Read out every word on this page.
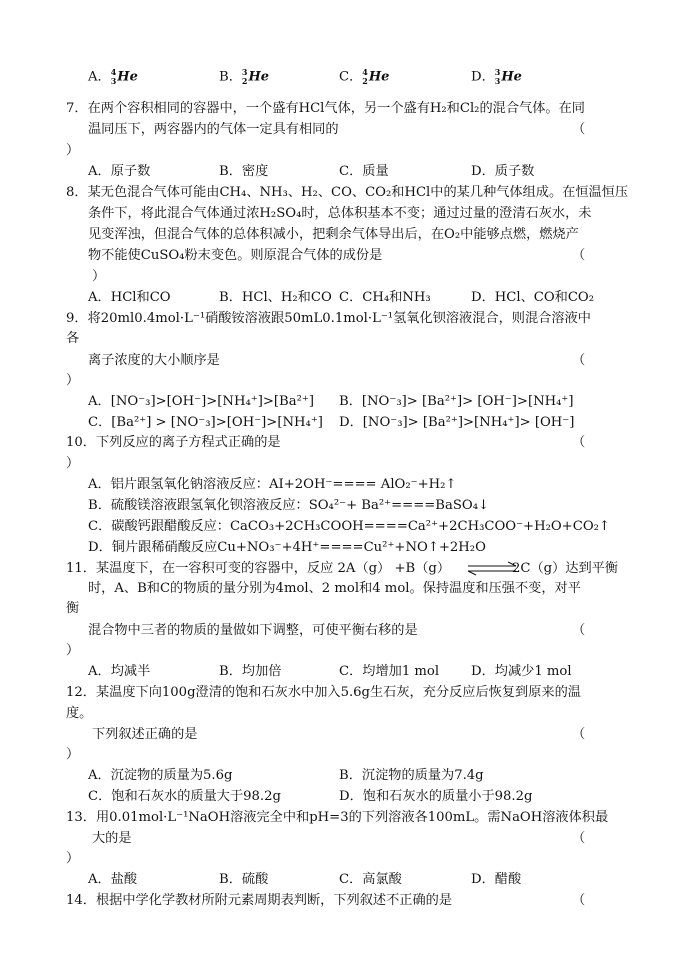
A． 4
3 He	B． 3
2 He	C． 4
2 He	D． 3
3 He
7．在两个容积相同的容器中，一个盛有HCl气体，另一个盛有H₂和Cl₂的混合气体。在同
温同压下，两容器内的气体一定具有相同的	（
）
A．原子数	B．密度	C．质量	D．质子数
8．某无色混合气体可能由CH₄、NH₃、H₂、CO、CO₂和HCl中的某几种气体组成。在恒温恒压
条件下，将此混合气体通过浓H₂SO₄时，总体积基本不变；通过过量的澄清石灰水，未
见变浑浊，但混合气体的总体积减小，把剩余气体导出后，在O₂中能够点燃，燃烧产
物不能使CuSO₄粉末变色。则原混合气体的成份是	（
）
A．HCl和CO	B．HCl、H₂和CO C．CH₄和NH₃	D．HCl、CO和CO₂
9．将20ml0.4mol·L⁻¹硝酸铵溶液跟50mL0.1mol·L⁻¹氢氧化钡溶液混合，则混合溶液中
各
离子浓度的大小顺序是	（
）
A．[NO⁻₃]>[OH⁻]>[NH₄⁺]>[Ba²⁺] B．[NO⁻₃]> [Ba²⁺]> [OH⁻]>[NH₄⁺]
C．[Ba²⁺] > [NO⁻₃]>[OH⁻]>[NH₄⁺] D．[NO⁻₃]> [Ba²⁺]>[NH₄⁺]> [OH⁻]
10．下列反应的离子方程式正确的是	（
）
A．铝片跟氢氧化钠溶液反应：AI+2OH⁻==== AlO₂⁻+H₂↑
B．硫酸镁溶液跟氢氧化钡溶液反应：SO₄²⁻+ Ba²⁺====BaSO₄↓
C．碳酸钙跟醋酸反应：CaCO₃+2CH₃COOH====Ca²⁺+2CH₃COO⁻+H₂O+CO₂↑
D．铜片跟稀硝酸反应Cu+NO₃⁻+4H⁺====Cu²⁺+NO↑+2H₂O
11．某温度下，在一容积可变的容器中，反应 2A（g） +B（g） ⇌
2C（g）达到平衡
时，A、B和C的物质的量分别为4mol、2 mol和4 mol。保持温度和压强不变，对平
衡
混合物中三者的物质的量做如下调整，可使平衡右移的是	（
）
A．均减半	B．均加倍	C．均增加1 mol D．均减少1 mol
12．某温度下向100g澄清的饱和石灰水中加入5.6g生石灰，充分反应后恢复到原来的温
度。
下列叙述正确的是	（
）
A．沉淀物的质量为5.6g	B．沉淀物的质量为7.4g
C．饱和石灰水的质量大于98.2g	D．饱和石灰水的质量小于98.2g
13．用0.01mol·L⁻¹NaOH溶液完全中和pH=3的下列溶液各100mL。需NaOH溶液体积最
大的是	（
）
A．盐酸	B．硫酸	C．高氯酸	D．醋酸
14．根据中学化学教材所附元素周期表判断，下列叙述不正确的是	（
